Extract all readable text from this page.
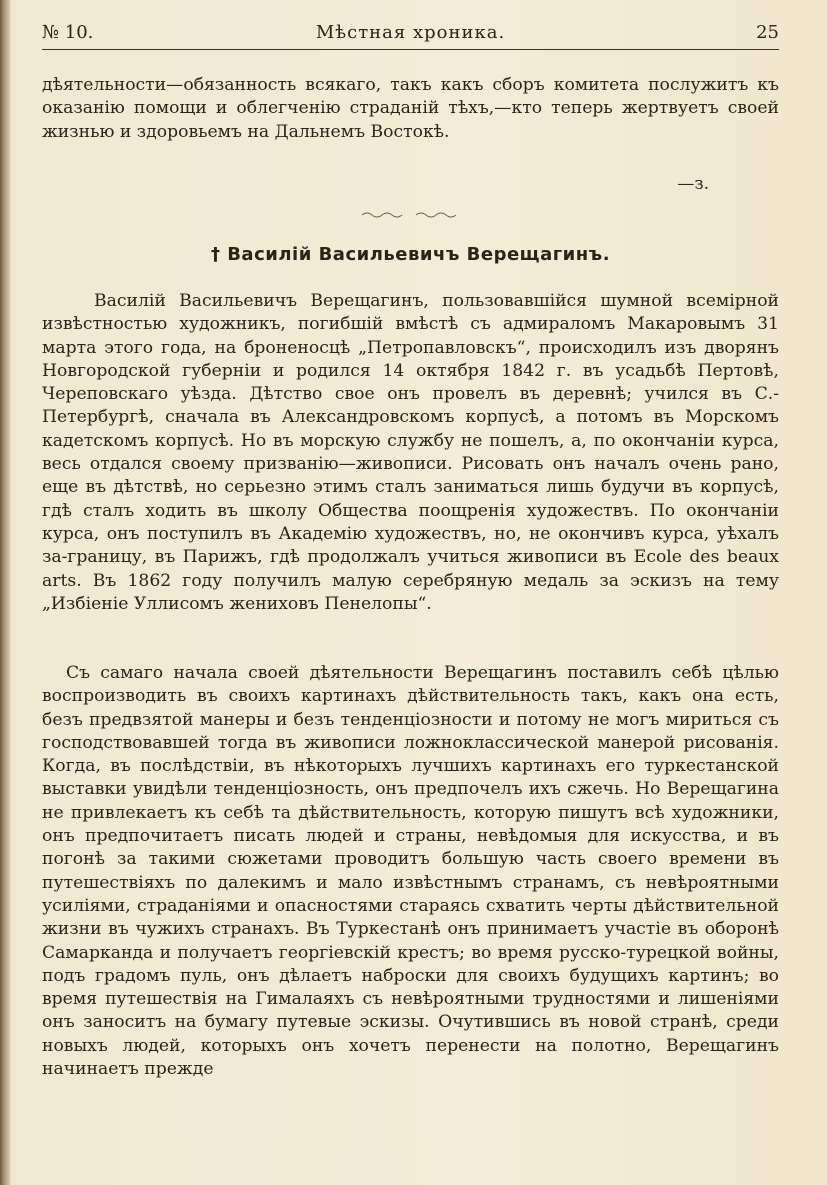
№ 10.	Мѣстная хроника.	25

дѣятельности—обязанность всякаго, такъ какъ сборъ комитета послужитъ къ оказанію помощи и облегченію страданій тѣхъ,—кто теперь жертвуетъ своей жизнью и здоровьемъ на Дальнемъ Востокѣ.

—з.
† Василій Васильевичъ Верещагинъ.

Василій Васильевичъ Верещагинъ, пользовавшійся шумной всемірной извѣстностью художникъ, погибшій вмѣстѣ съ адмираломъ Макаровымъ 31 марта этого года, на броненосцѣ „Петропавловскъ“, происходилъ изъ дворянъ Новгородской губерніи и родился 14 октября 1842 г. въ усадьбѣ Пертовѣ, Череповскаго уѣзда. Дѣтство свое онъ провелъ въ деревнѣ; учился въ С.-Петербургѣ, сначала въ Александровскомъ корпусѣ, а потомъ въ Морскомъ кадетскомъ корпусѣ. Но въ морскую службу не пошелъ, а, по окончаніи курса, весь отдался своему призванію—живописи. Рисовать онъ началъ очень рано, еще въ дѣтствѣ, но серьезно этимъ сталъ заниматься лишь будучи въ корпусѣ, гдѣ сталъ ходить въ школу Общества поощренія художествъ. По окончаніи курса, онъ поступилъ въ Академію художествъ, но, не окончивъ курса, уѣхалъ за-границу, въ Парижъ, гдѣ продолжалъ учиться живописи въ Ecole des beaux arts. Въ 1862 году получилъ малую серебряную медаль за эскизъ на тему „Избіеніе Уллисомъ жениховъ Пенелопы“.

Съ самаго начала своей дѣятельности Верещагинъ поставилъ себѣ цѣлью воспроизводить въ своихъ картинахъ дѣйствительность такъ, какъ она есть, безъ предвзятой манеры и безъ тенденціозности и потому не могъ мириться съ господствовавшей тогда въ живописи ложноклассической манерой рисованія. Когда, въ послѣдствіи, въ нѣкоторыхъ лучшихъ картинахъ его туркестанской выставки увидѣли тенденціозность, онъ предпочелъ ихъ сжечь. Но Верещагина не привлекаетъ къ себѣ та дѣйствительность, которую пишутъ всѣ художники, онъ предпочитаетъ писать людей и страны, невѣдомыя для искусства, и въ погонѣ за такими сюжетами проводитъ большую часть своего времени въ путешествіяхъ по далекимъ и мало извѣстнымъ странамъ, съ невѣроятными усиліями, страданіями и опасностями стараясь схватить черты дѣйствительной жизни въ чужихъ странахъ. Въ Туркестанѣ онъ принимаетъ участіе въ оборонѣ Самарканда и получаетъ георгіевскій крестъ; во время русско-турецкой войны, подъ градомъ пуль, онъ дѣлаетъ наброски для своихъ будущихъ картинъ; во время путешествія на Гималаяхъ съ невѣроятными трудностями и лишеніями онъ заноситъ на бумагу путевые эскизы. Очутившись въ новой странѣ, среди новыхъ людей, которыхъ онъ хочетъ перенести на полотно, Верещагинъ начинаетъ прежде
